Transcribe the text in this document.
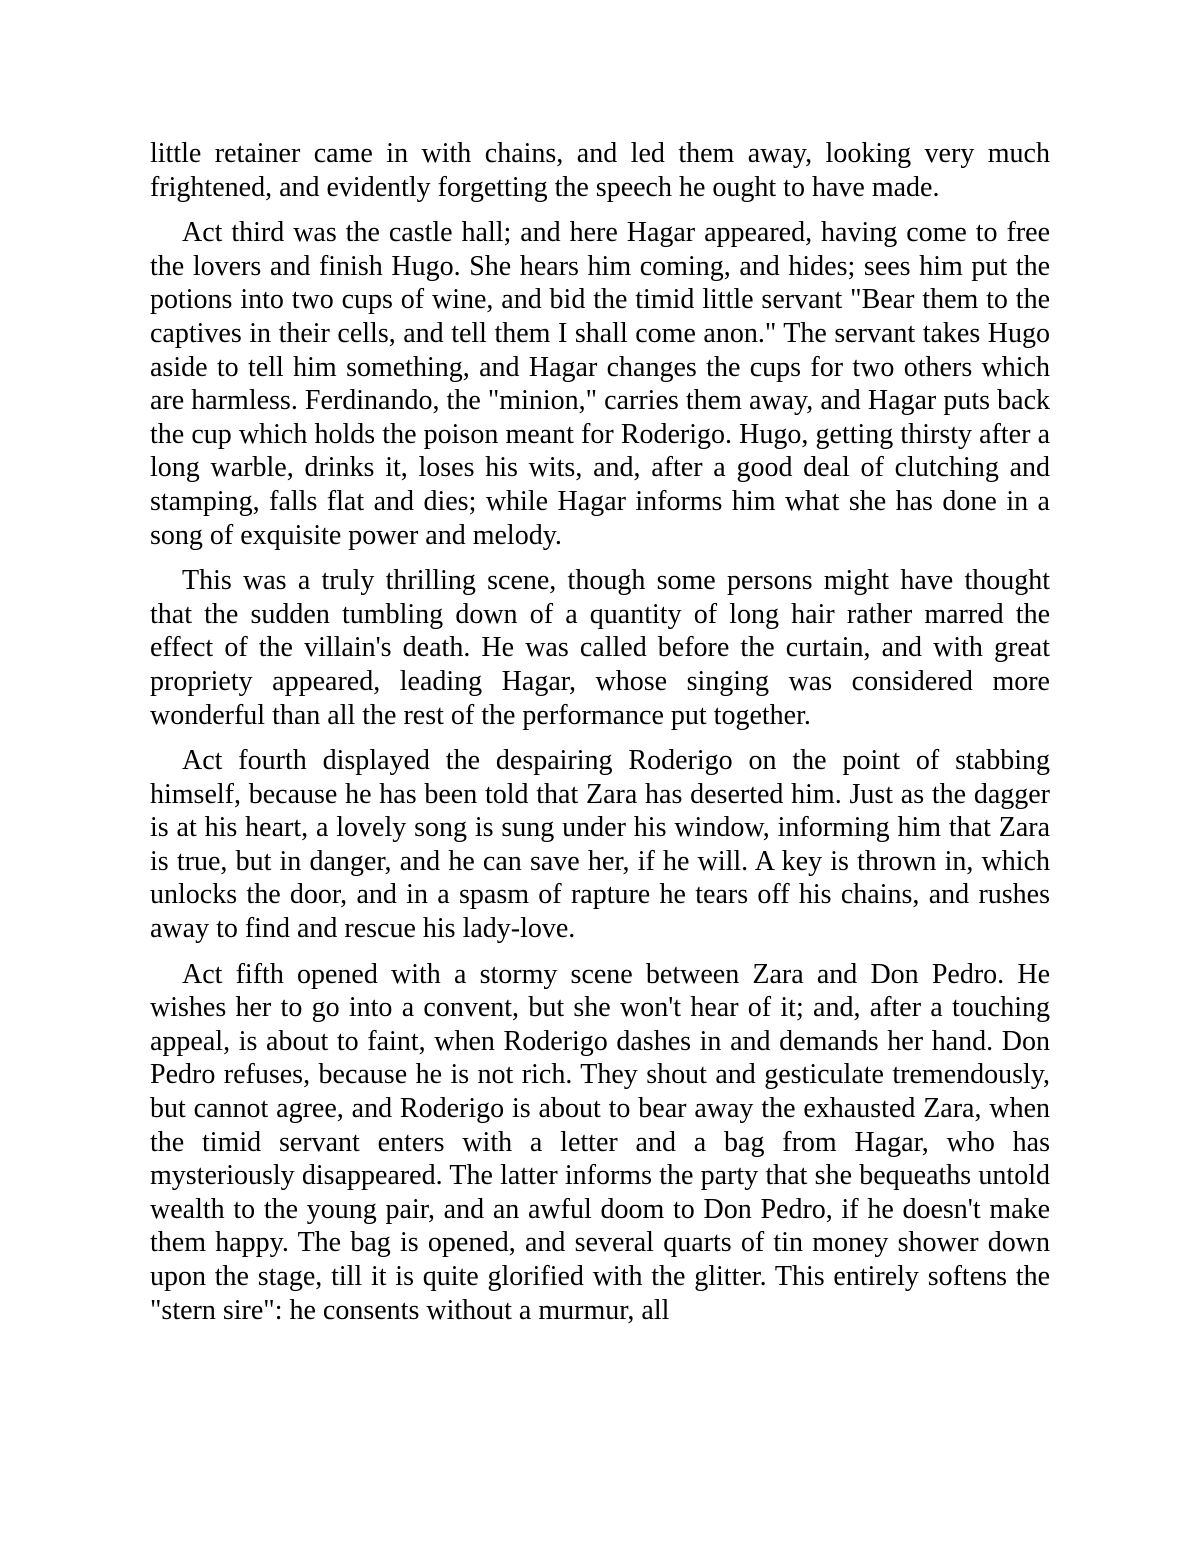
little retainer came in with chains, and led them away, looking very much frightened, and evidently forgetting the speech he ought to have made.

Act third was the castle hall; and here Hagar appeared, having come to free the lovers and finish Hugo. She hears him coming, and hides; sees him put the potions into two cups of wine, and bid the timid little servant "Bear them to the captives in their cells, and tell them I shall come anon." The servant takes Hugo aside to tell him something, and Hagar changes the cups for two others which are harmless. Ferdinando, the "minion," carries them away, and Hagar puts back the cup which holds the poison meant for Roderigo. Hugo, getting thirsty after a long warble, drinks it, loses his wits, and, after a good deal of clutching and stamping, falls flat and dies; while Hagar informs him what she has done in a song of exquisite power and melody.

This was a truly thrilling scene, though some persons might have thought that the sudden tumbling down of a quantity of long hair rather marred the effect of the villain's death. He was called before the curtain, and with great propriety appeared, leading Hagar, whose singing was considered more wonderful than all the rest of the performance put together.

Act fourth displayed the despairing Roderigo on the point of stabbing himself, because he has been told that Zara has deserted him. Just as the dagger is at his heart, a lovely song is sung under his window, informing him that Zara is true, but in danger, and he can save her, if he will. A key is thrown in, which unlocks the door, and in a spasm of rapture he tears off his chains, and rushes away to find and rescue his lady-love.

Act fifth opened with a stormy scene between Zara and Don Pedro. He wishes her to go into a convent, but she won't hear of it; and, after a touching appeal, is about to faint, when Roderigo dashes in and demands her hand. Don Pedro refuses, because he is not rich. They shout and gesticulate tremendously, but cannot agree, and Roderigo is about to bear away the exhausted Zara, when the timid servant enters with a letter and a bag from Hagar, who has mysteriously disappeared. The latter informs the party that she bequeaths untold wealth to the young pair, and an awful doom to Don Pedro, if he doesn't make them happy. The bag is opened, and several quarts of tin money shower down upon the stage, till it is quite glorified with the glitter. This entirely softens the "stern sire": he consents without a murmur, all
